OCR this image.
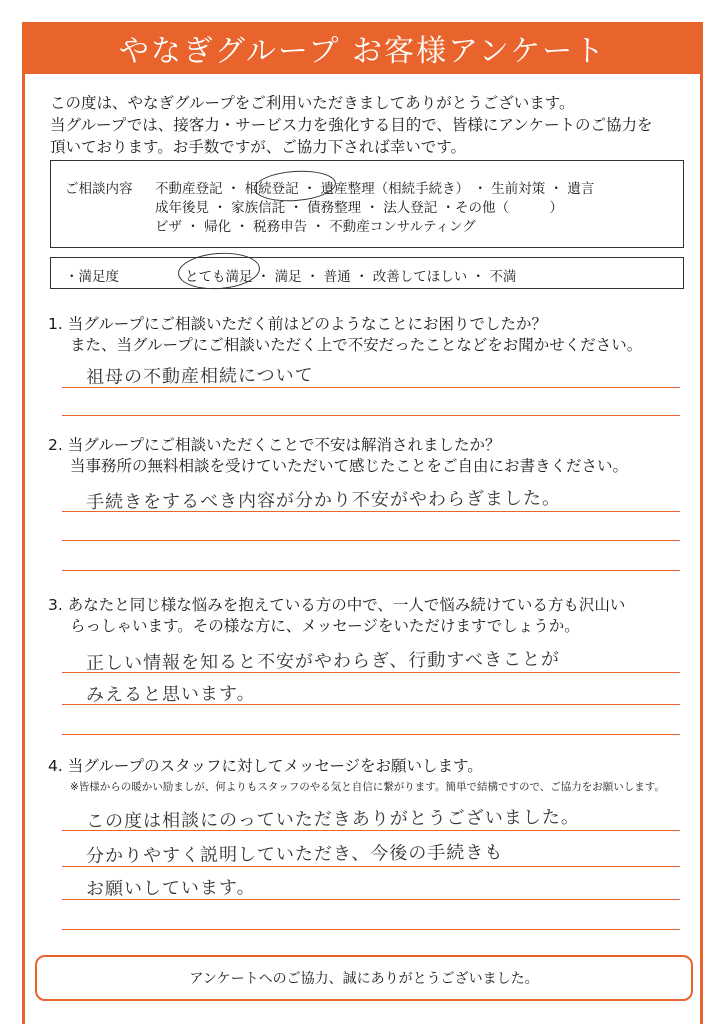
やなぎグループ お客様アンケート

この度は、やなぎグループをご利用いただきましてありがとうございます。

当グループでは、接客力・サービス力を強化する目的で、皆様にアンケートのご協力を

頂いております。お手数ですが、ご協力下されば幸いです。

ご相談内容 不動産登記 ・ 相続登記 ・ 遺産整理（相続手続き） ・ 生前対策 ・ 遺言
成年後見 ・ 家族信託 ・ 債務整理 ・ 法人登記 ・その他（　　　）
ビザ ・ 帰化 ・ 税務申告 ・ 不動産コンサルティング
・満足度	とても満足 ・ 満足 ・ 普通 ・ 改善してほしい ・ 不満

1. 当グループにご相談いただく前はどのようなことにお困りでしたか？

また、当グループにご相談いただく上で不安だったことなどをお聞かせください。

祖母の不動産相続について

2. 当グループにご相談いただくことで不安は解消されましたか？

当事務所の無料相談を受けていただいて感じたことをご自由にお書きください。

手続きをするべき内容が分かり不安がやわらぎました。

3. あなたと同じ様な悩みを抱えている方の中で、一人で悩み続けている方も沢山い

らっしゃいます。その様な方に、メッセージをいただけますでしょうか。

正しい情報を知ると不安がやわらぎ、行動すべきことが
みえると思います。

4. 当グループのスタッフに対してメッセージをお願いします。

※皆様からの暖かい励ましが、何よりもスタッフのやる気と自信に繋がります。簡単で結構ですので、ご協力をお願いします。
この度は相談にのっていただきありがとうございました。
分かりやすく説明していただき、今後の手続きも
お願いしています。
アンケートへのご協力、誠にありがとうございました。
